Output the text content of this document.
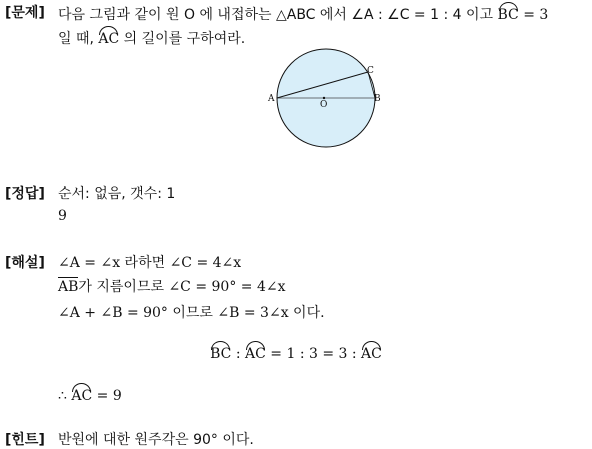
[문제] 다음 그림과 같이 원 O 에 내접하는 △ABC 에서 ∠A : ∠C = 1 : 4 이고 BC = 3
일 때, AC 의 길이를 구하여라.
A	B
C
O
[정답] 순서: 없음, 갯수: 1
9
[해설] ∠A = ∠x 라하면 ∠C = 4∠x
AB가 지름이므로 ∠C = 90° = 4∠x
∠A + ∠B = 90° 이므로 ∠B = 3∠x 이다.
BC : AC = 1 : 3 = 3 : AC
∴ AC = 9
[힌트] 반원에 대한 원주각은 90° 이다.
